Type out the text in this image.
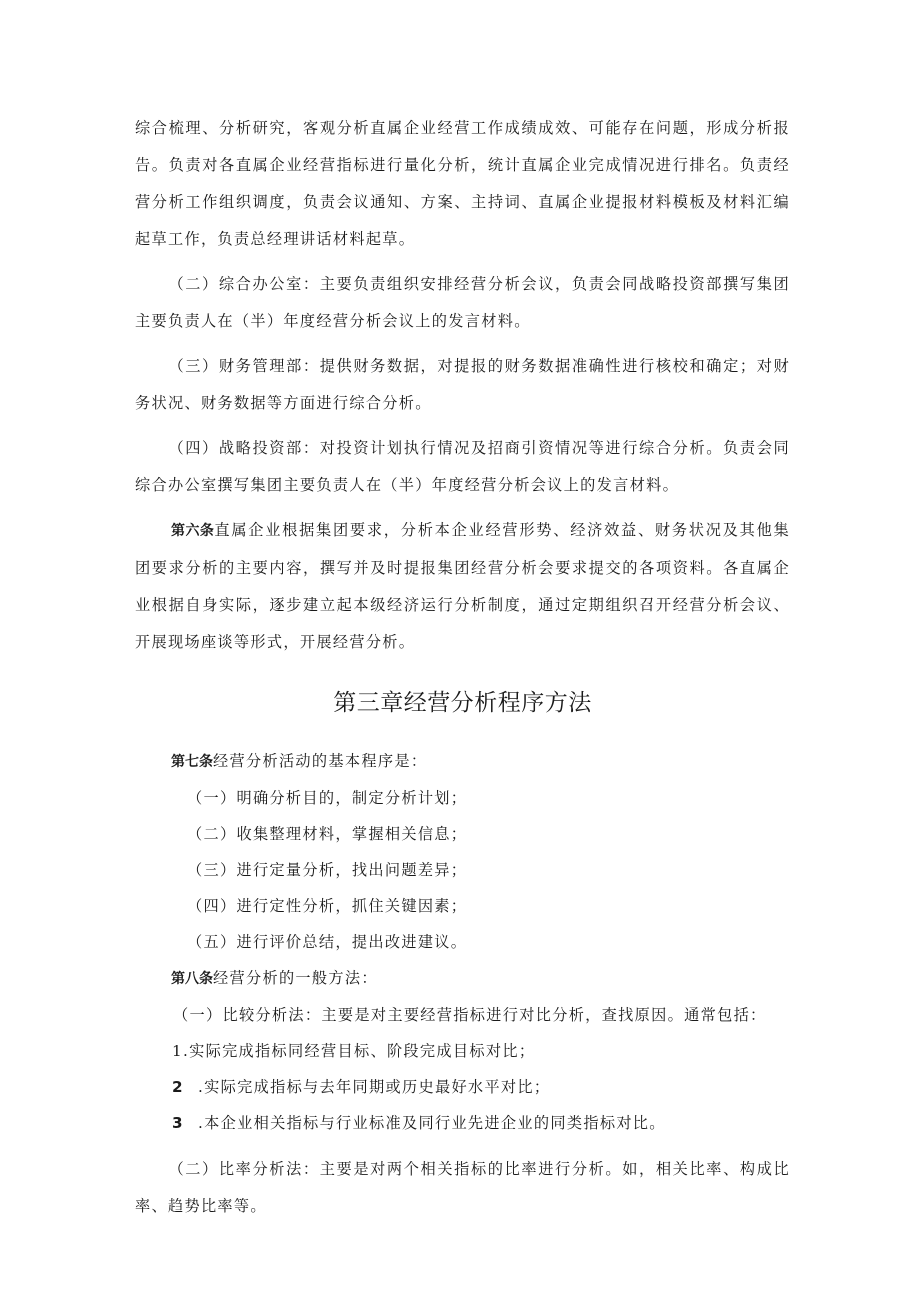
综合梳理、分析研究，客观分析直属企业经营工作成绩成效、可能存在问题，形成分析报告。负责对各直属企业经营指标进行量化分析，统计直属企业完成情况进行排名。负责经营分析工作组织调度，负责会议通知、方案、主持词、直属企业提报材料模板及材料汇编起草工作，负责总经理讲话材料起草。

（二）综合办公室：主要负责组织安排经营分析会议，负责会同战略投资部撰写集团主要负责人在（半）年度经营分析会议上的发言材料。

（三）财务管理部：提供财务数据，对提报的财务数据准确性进行核校和确定；对财务状况、财务数据等方面进行综合分析。

（四）战略投资部：对投资计划执行情况及招商引资情况等进行综合分析。负责会同综合办公室撰写集团主要负责人在（半）年度经营分析会议上的发言材料。

第六条直属企业根据集团要求，分析本企业经营形势、经济效益、财务状况及其他集团要求分析的主要内容，撰写并及时提报集团经营分析会要求提交的各项资料。各直属企业根据自身实际，逐步建立起本级经济运行分析制度，通过定期组织召开经营分析会议、开展现场座谈等形式，开展经营分析。

第三章经营分析程序方法

第七条经营分析活动的基本程序是：

（一）明确分析目的，制定分析计划；

（二）收集整理材料，掌握相关信息；

（三）进行定量分析，找出问题差异；

（四）进行定性分析，抓住关键因素；

（五）进行评价总结，提出改进建议。

第八条经营分析的一般方法：

（一）比较分析法：主要是对主要经营指标进行对比分析，查找原因。通常包括：

1.实际完成指标同经营目标、阶段完成目标对比；

2 .实际完成指标与去年同期或历史最好水平对比；

3 .本企业相关指标与行业标准及同行业先进企业的同类指标对比。

（二）比率分析法：主要是对两个相关指标的比率进行分析。如，相关比率、构成比率、趋势比率等。
